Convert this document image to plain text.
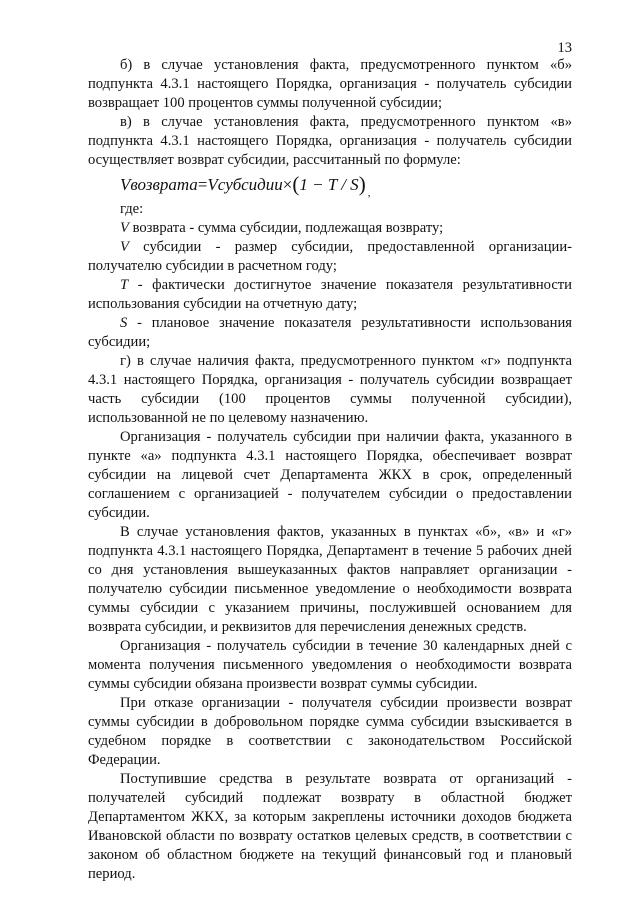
13

б) в случае установления факта, предусмотренного пунктом «б» подпункта 4.3.1 настоящего Порядка, организация - получатель субсидии возвращает 100 процентов суммы полученной субсидии;

в) в случае установления факта, предусмотренного пунктом «в» подпункта 4.3.1 настоящего Порядка, организация - получатель субсидии осуществляет возврат субсидии, рассчитанный по формуле:

Vвозврата=Vсубсидии×(1 − T / S) $_,$

где:

V возврата - сумма субсидии, подлежащая возврату;

V субсидии - размер субсидии, предоставленной организации-получателю субсидии в расчетном году;

T - фактически достигнутое значение показателя результативности использования субсидии на отчетную дату;

S - плановое значение показателя результативности использования субсидии;

г) в случае наличия факта, предусмотренного пунктом «г» подпункта 4.3.1 настоящего Порядка, организация - получатель субсидии возвращает часть субсидии (100 процентов суммы полученной субсидии), использованной не по целевому назначению.

Организация - получатель субсидии при наличии факта, указанного в пункте «а» подпункта 4.3.1 настоящего Порядка, обеспечивает возврат субсидии на лицевой счет Департамента ЖКХ в срок, определенный соглашением с организацией - получателем субсидии о предоставлении субсидии.

В случае установления фактов, указанных в пунктах «б», «в» и «г» подпункта 4.3.1 настоящего Порядка, Департамент в течение 5 рабочих дней со дня установления вышеуказанных фактов направляет организации - получателю субсидии письменное уведомление о необходимости возврата суммы субсидии с указанием причины, послужившей основанием для возврата субсидии, и реквизитов для перечисления денежных средств.

Организация - получатель субсидии в течение 30 календарных дней с момента получения письменного уведомления о необходимости возврата суммы субсидии обязана произвести возврат суммы субсидии.

При отказе организации - получателя субсидии произвести возврат суммы субсидии в добровольном порядке сумма субсидии взыскивается в судебном порядке в соответствии с законодательством Российской Федерации.

Поступившие средства в результате возврата от организаций - получателей субсидий подлежат возврату в областной бюджет Департаментом ЖКХ, за которым закреплены источники доходов бюджета Ивановской области по возврату остатков целевых средств, в соответствии с законом об областном бюджете на текущий финансовый год и плановый период.
